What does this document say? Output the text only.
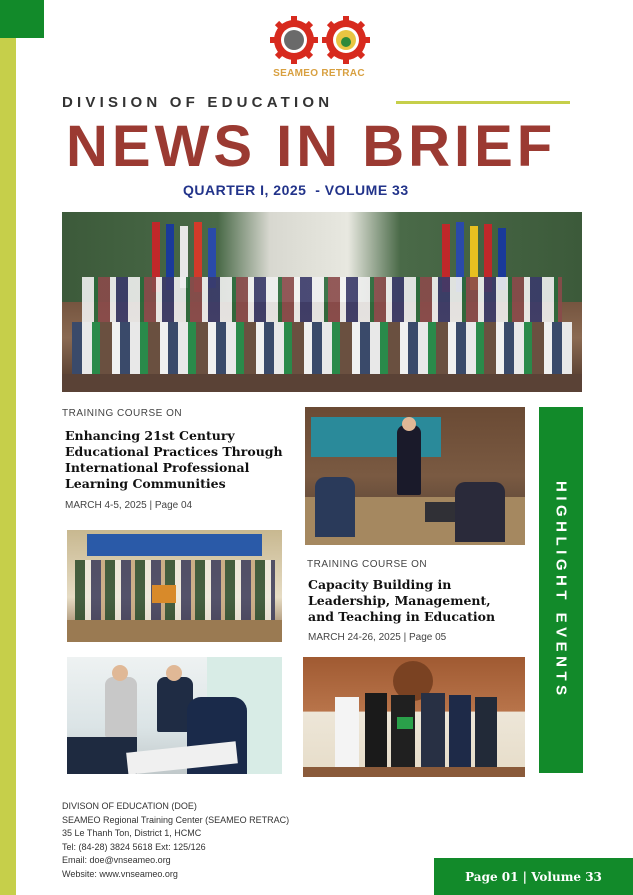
SEAMEO RETRAC
DIVISION OF EDUCATION
NEWS IN BRIEF
QUARTER I, 2025 - VOLUME 33
TRAINING COURSE ON
Enhancing 21st Century
Educational Practices Through
International Professional
Learning Communities
MARCH 4-5, 2025 | Page 04
TRAINING COURSE ON
Capacity Building in
Leadership, Management,
and Teaching in Education
MARCH 24-26, 2025 | Page 05	HIGHLIGHT EVENTS
DIVISON OF EDUCATION (DOE)
SEAMEO Regional Training Center (SEAMEO RETRAC)
35 Le Thanh Ton, District 1, HCMC
Tel: (84-28) 3824 5618 Ext: 125/126
Email: doe@vnseameo.org
Website: www.vnseameo.org	Page 01 | Volume 33
